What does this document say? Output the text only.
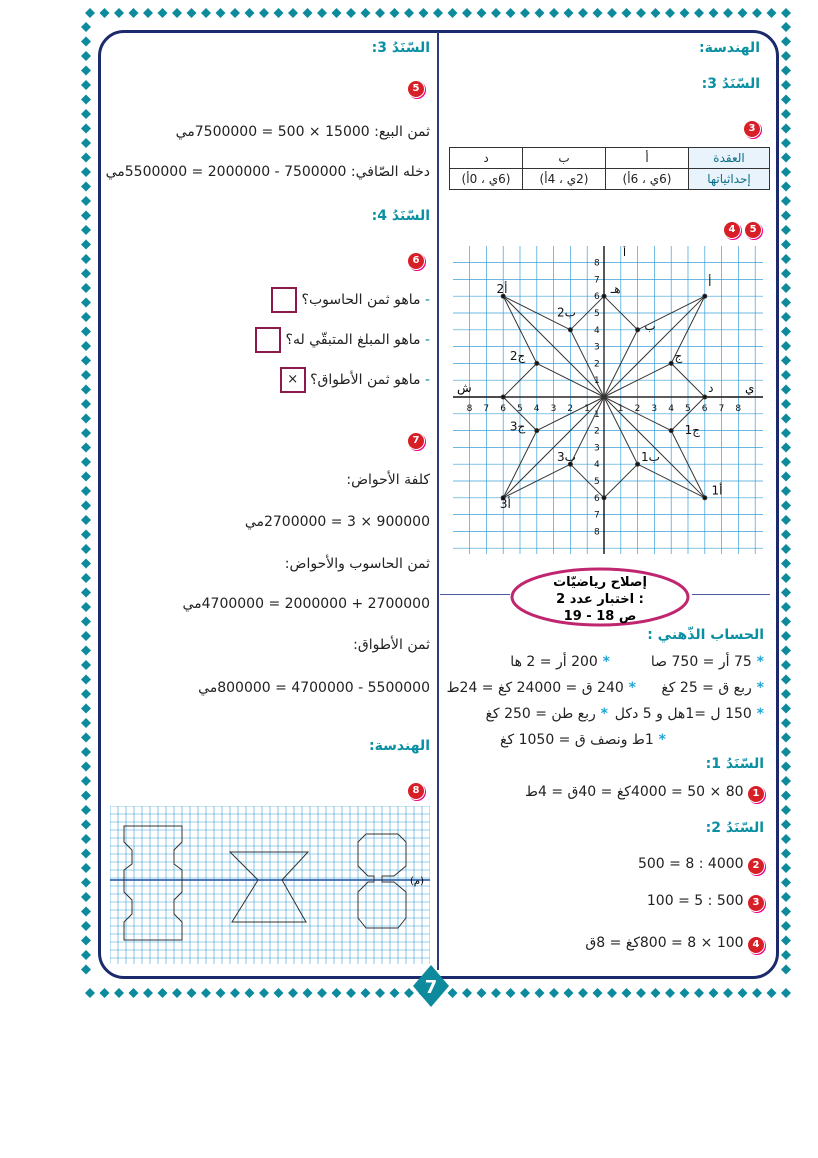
الهندسة:
السّنَدُ 3:
3
العقدة	أ	ب	د
إحداثياتها	(6ي ، 6أ)	(2ي ، 4أ)	(6ي ، 0أ)
5 4
1
1
1
1
2
2
2
2
3
3
3
3
4
4
4
4
5
5
5
5
6
6
6
6
7
7
7
7
8
8
8
8
أ
ي
ش
أ
أ2
أ3
أ1
ب
ب2
ب3	ب1
ج
ج2
ج3	ج1
هـ
د
إصلاح رياضيّات
اختبار عدد 2 :
ص 18 - 19
الحساب الذّهني :
* 75 أر = 750 صا
* 200 أر = 2 ها
* ربع ق = 25 كغ
* 240 ق = 24000 كغ = 24ط
* 150 ل =1هل و 5 دكل
* ربع طن = 250 كغ
* 1ط ونصف ق = 1050 كغ
السّنَدُ 1:
1 80 × 50 = 4000كغ = 40ق = 4ط
السّنَدُ 2:
2 4000 : 8 = 500
3 500 : 5 = 100
4 100 × 8 = 800كغ = 8ق
السّنَدُ 3:
5
ثمن البيع: 15000 × 500 = 7500000مي
دخله الصّافي: 7500000 - 2000000 = 5500000مي
السّنَدُ 4:
6
- ماهو ثمن الحاسوب؟
- ماهو المبلغ المتبقّي له؟
- ماهو ثمن الأطواق؟ ×
7
كلفة الأحواض:
900000 × 3 = 2700000مي
ثمن الحاسوب والأحواض:
2700000 + 2000000 = 4700000مي
ثمن الأطواق:
5500000 - 4700000 = 800000مي
الهندسة:
8
(م)
7
